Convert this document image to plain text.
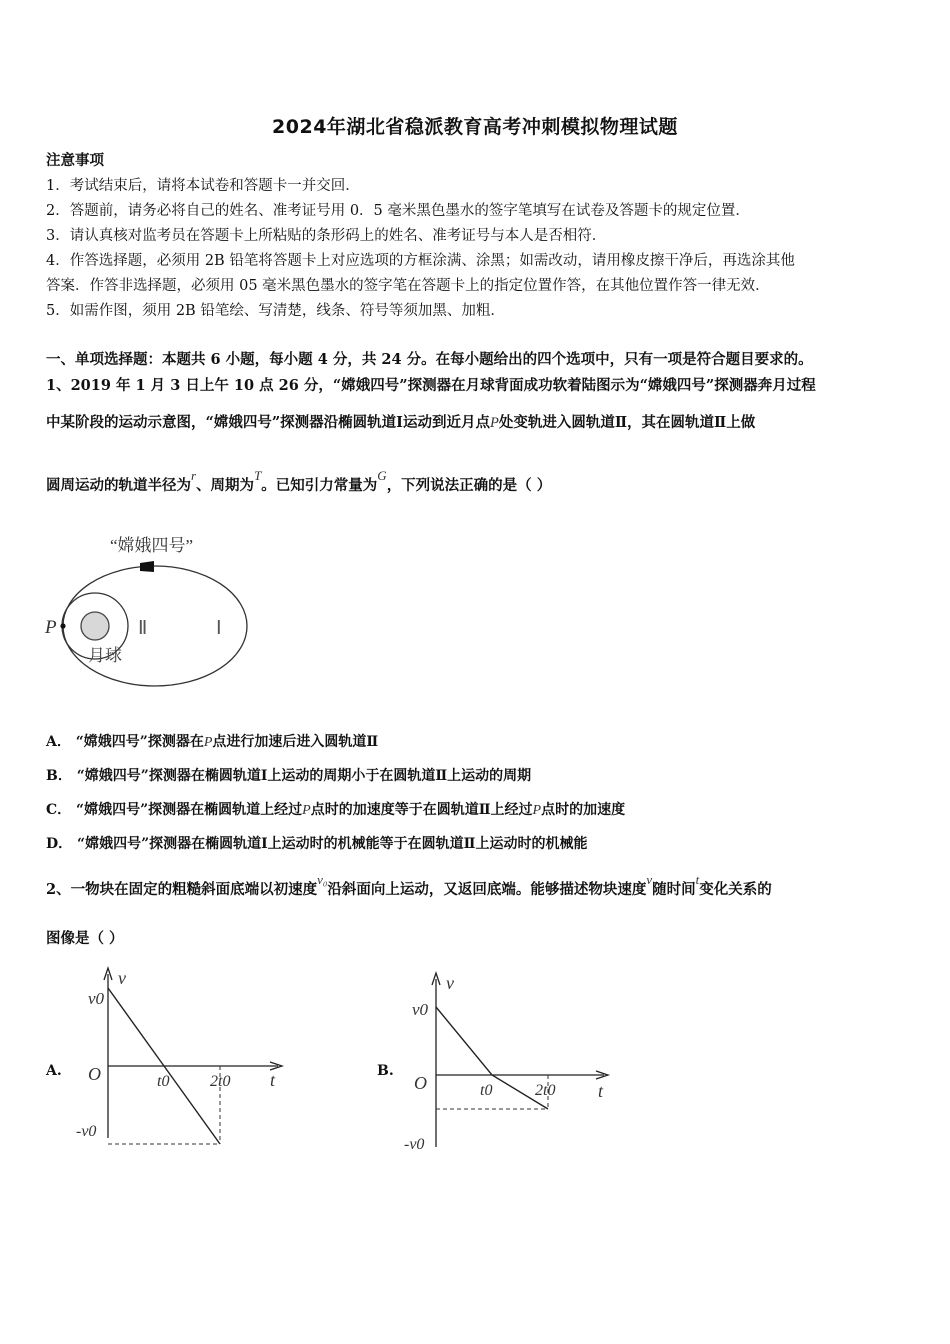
2024年湖北省稳派教育高考冲刺模拟物理试题
注意事项
1．考试结束后，请将本试卷和答题卡一并交回．
2．答题前，请务必将自己的姓名、准考证号用 0．5 毫米黑色墨水的签字笔填写在试卷及答题卡的规定位置．
3．请认真核对监考员在答题卡上所粘贴的条形码上的姓名、准考证号与本人是否相符．
4．作答选择题，必须用 2B 铅笔将答题卡上对应选项的方框涂满、涂黑；如需改动，请用橡皮擦干净后，再选涂其他
答案．作答非选择题，必须用 05 毫米黑色墨水的签字笔在答题卡上的指定位置作答，在其他位置作答一律无效．
5．如需作图，须用 2B 铅笔绘、写清楚，线条、符号等须加黑、加粗．
一、单项选择题：本题共 6 小题，每小题 4 分，共 24 分。在每小题给出的四个选项中，只有一项是符合题目要求的。
1、2019 年 1 月 3 日上午 10 点 26 分，“嫦娥四号”探测器在月球背面成功软着陆图示为“嫦娥四号”探测器奔月过程
中某阶段的运动示意图，“嫦娥四号”探测器沿椭圆轨道Ⅰ运动到近月点P处变轨进入圆轨道Ⅱ，其在圆轨道Ⅱ上做
圆周运动的轨道半径为r、周期为T。已知引力常量为G，下列说法正确的是（ ）
“嫦娥四号”
P	Ⅱ	Ⅰ
月球
A． “嫦娥四号”探测器在P点进行加速后进入圆轨道Ⅱ
B． “嫦娥四号”探测器在椭圆轨道Ⅰ上运动的周期小于在圆轨道Ⅱ上运动的周期
C． “嫦娥四号”探测器在椭圆轨道上经过P点时的加速度等于在圆轨道Ⅱ上经过P点时的加速度
D． “嫦娥四号”探测器在椭圆轨道Ⅰ上运动时的机械能等于在圆轨道Ⅱ上运动时的机械能
2、一物块在固定的粗糙斜面底端以初速度v₀沿斜面向上运动，又返回底端。能够描述物块速度v随时间t变化关系的
图像是（ ）
A.
v
v0
O	t0	2t0 t
-v0
B.
v
v0
O	t0	2t0 t
-v0
